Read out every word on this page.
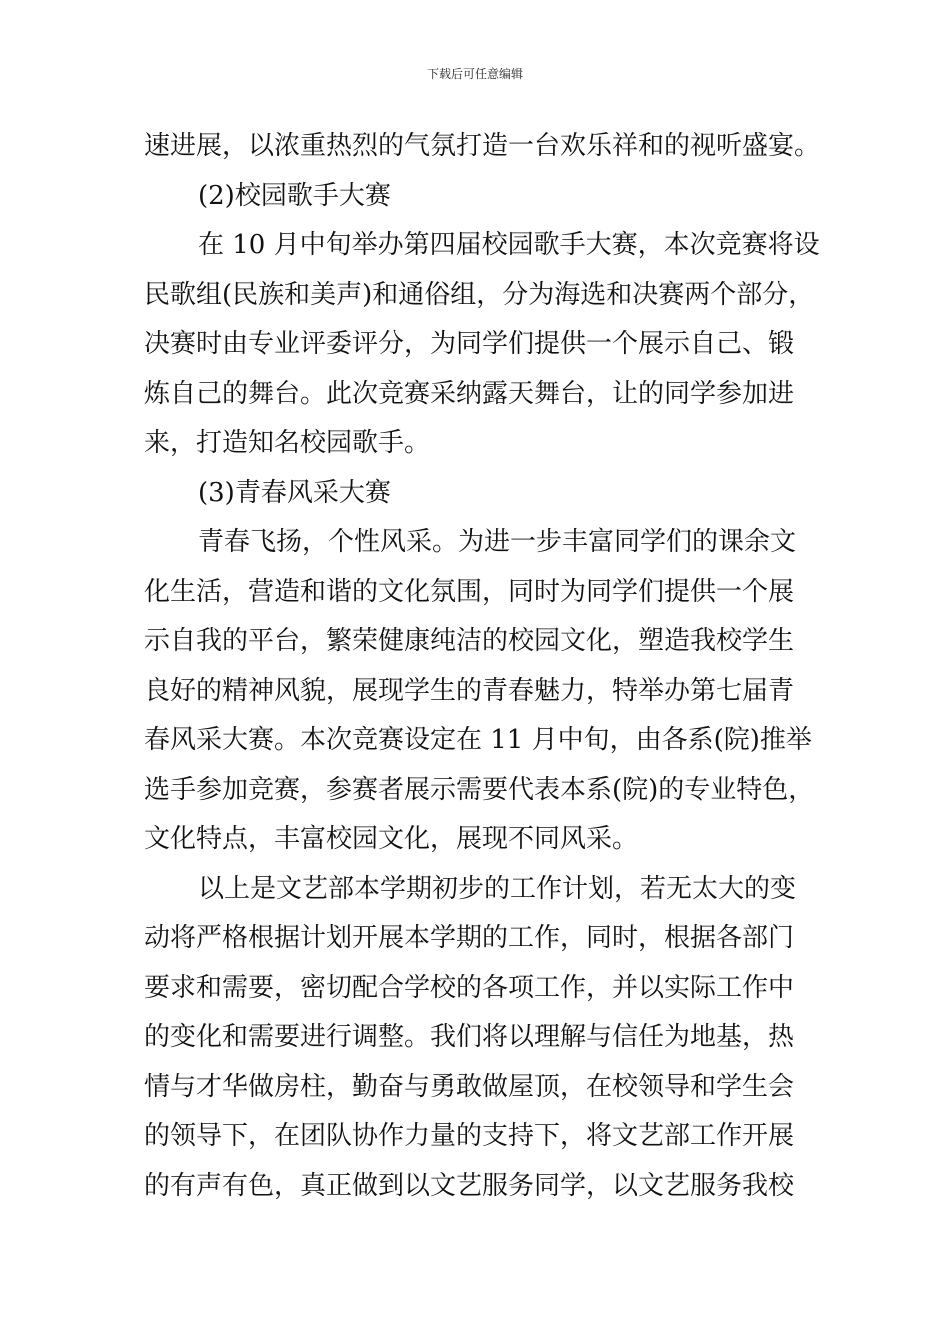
下载后可任意编辑
速进展，以浓重热烈的气氛打造一台欢乐祥和的视听盛宴。
(2)校园歌手大赛
在 10 月中旬举办第四届校园歌手大赛，本次竞赛将设
民歌组(民族和美声)和通俗组，分为海选和决赛两个部分，
决赛时由专业评委评分，为同学们提供一个展示自己、锻
炼自己的舞台。此次竞赛采纳露天舞台，让的同学参加进
来，打造知名校园歌手。
(3)青春风采大赛
青春飞扬，个性风采。为进一步丰富同学们的课余文
化生活，营造和谐的文化氛围，同时为同学们提供一个展
示自我的平台，繁荣健康纯洁的校园文化，塑造我校学生
良好的精神风貌，展现学生的青春魅力，特举办第七届青
春风采大赛。本次竞赛设定在 11 月中旬，由各系(院)推举
选手参加竞赛，参赛者展示需要代表本系(院)的专业特色，
文化特点，丰富校园文化，展现不同风采。
以上是文艺部本学期初步的工作计划，若无太大的变
动将严格根据计划开展本学期的工作，同时，根据各部门
要求和需要，密切配合学校的各项工作，并以实际工作中
的变化和需要进行调整。我们将以理解与信任为地基，热
情与才华做房柱，勤奋与勇敢做屋顶，在校领导和学生会
的领导下，在团队协作力量的支持下，将文艺部工作开展
的有声有色，真正做到以文艺服务同学，以文艺服务我校
